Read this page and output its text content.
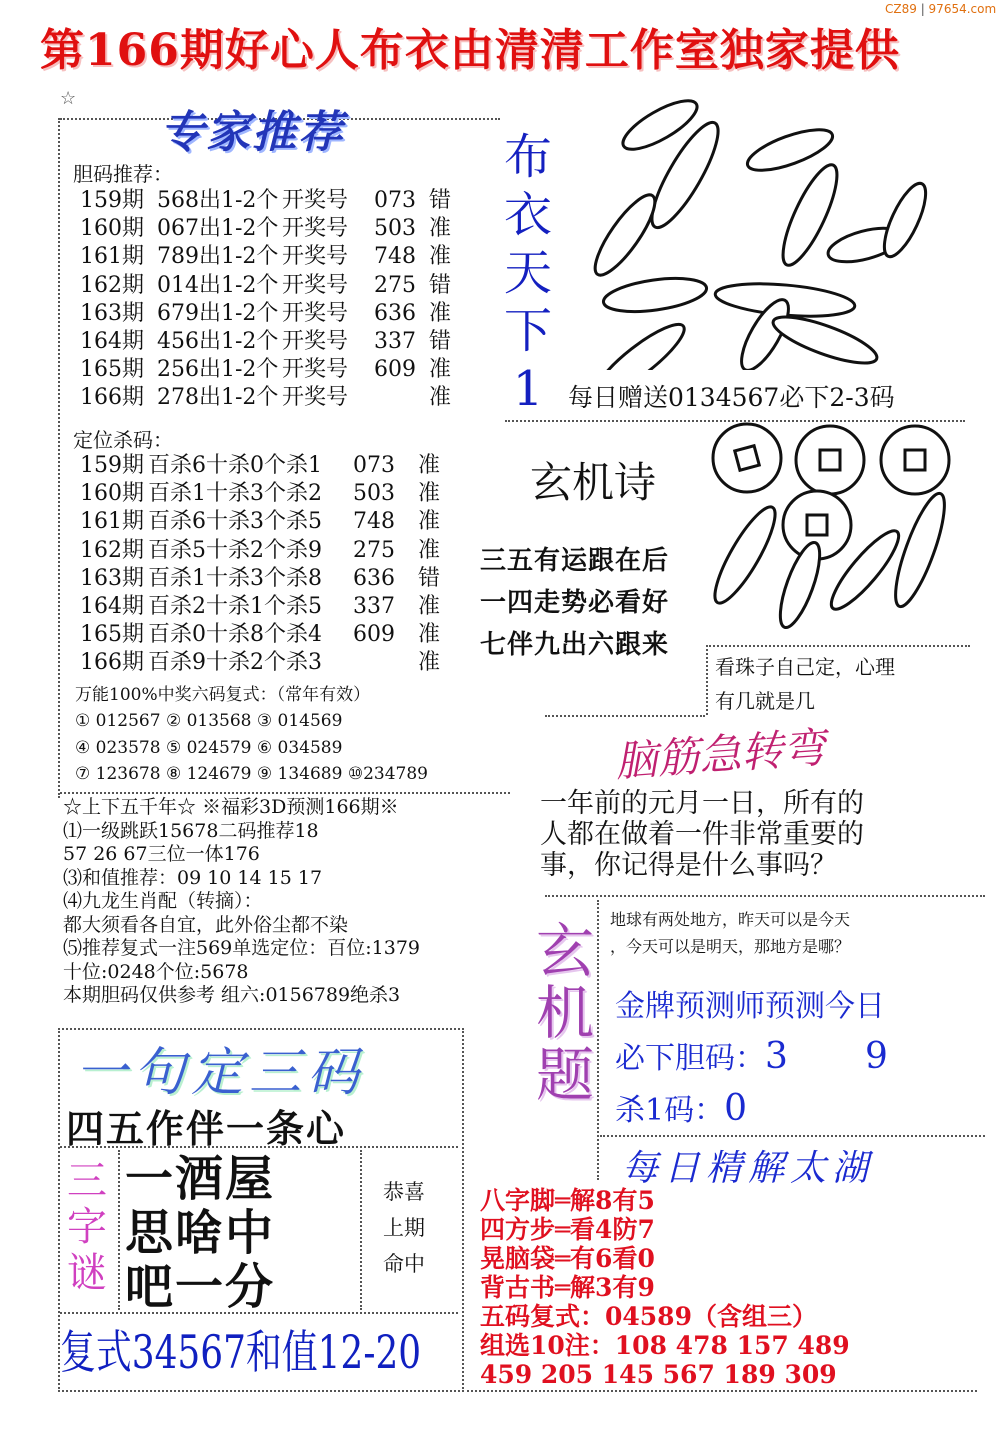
CZ89 | 97654.com
第166期好心人布衣由清清工作室独家提供
☆
专家推荐
胆码推荐：
159期 568出1-2个 开奖号 073 错
160期 067出1-2个 开奖号 503 准
161期 789出1-2个 开奖号 748 准
162期 014出1-2个 开奖号 275 错
163期 679出1-2个 开奖号 636 准
164期 456出1-2个 开奖号 337 错
165期 256出1-2个 开奖号 609 准
166期 278出1-2个 开奖号	准
定位杀码：
159期 百杀6十杀0个杀1 073 准
160期 百杀1十杀3个杀2 503 准
161期 百杀6十杀3个杀5 748 准
162期 百杀5十杀2个杀9 275 准
163期 百杀1十杀3个杀8 636 错
164期 百杀2十杀1个杀5 337 准
165期 百杀0十杀8个杀4 609 准
166期 百杀9十杀2个杀3	准
万能100%中奖六码复式：（常年有效）
① 012567 ② 013568 ③ 014569
④ 023578 ⑤ 024579 ⑥ 034589
⑦ 123678 ⑧ 124679 ⑨ 134689 ⑩234789
☆上下五千年☆ ※福彩3D预测166期※
⑴一级跳跃15678二码推荐18
57 26 67三位一体176
⑶和值推荐：09 10 14 15 17
⑷九龙生肖配（转摘）：
都大须看各自宜，此外俗尘都不染
⑸推荐复式一注569单选定位：百位:1379
十位:0248个位:5678
本期胆码仅供参考 组六:0156789绝杀3
一句定三码
四五作伴一条心
三字谜
一酒屋
思啥中
吧一分
恭喜
上期
命中
复式34567和值12-20
布衣天下1 每日赠送0134567必下2-3码
玄机诗
三五有运跟在后
一四走势必看好
七伴九出六跟来
看珠子自己定，心理
有几就是几
脑筋急转弯
一年前的元月一日，所有的
人都在做着一件非常重要的
事，你记得是什么事吗？
玄机题
地球有两处地方，昨天可以是今天
，今天可以是明天，那地方是哪？
金牌预测师预测今日
必下胆码：3 9
杀1码：0
每日精解太湖
八字脚═解8有5
四方步═看4防7
晃脑袋═有6看0
背古书═解3有9
五码复式：04589（含组三）
组选10注：108 478 157 489
459 205 145 567 189 309
